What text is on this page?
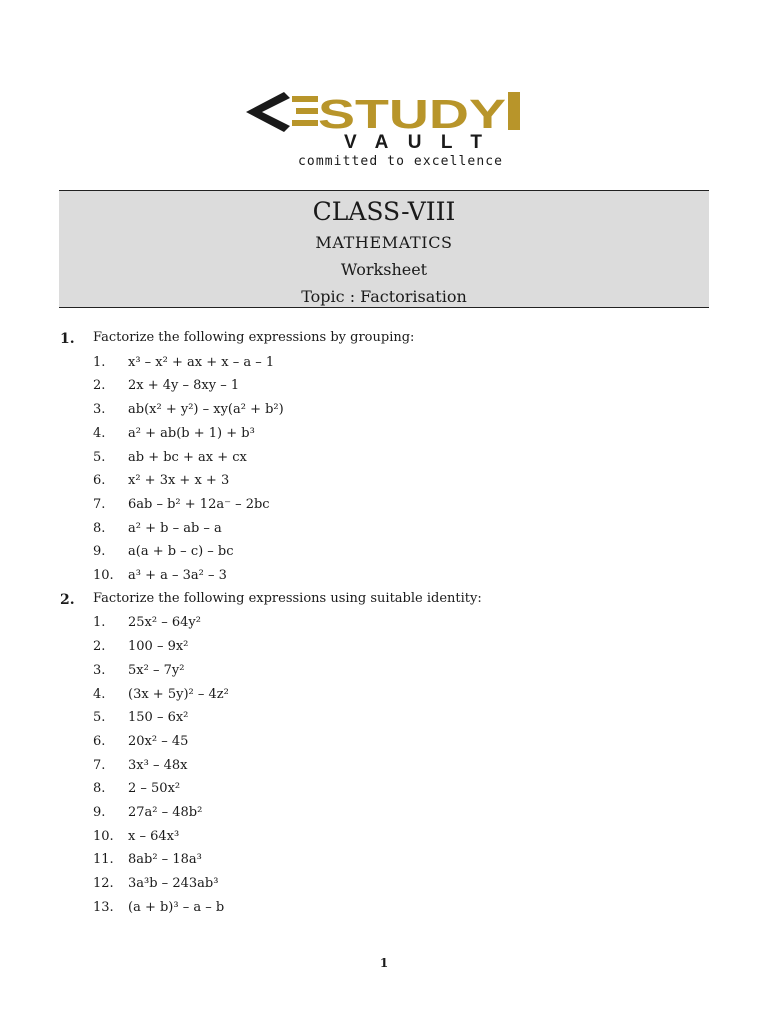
STUDY
VAULT
committed to excellence
CLASS-VIII
MATHEMATICS
Worksheet
Topic : Factorisation
1. Factorize the following expressions by grouping:
1. x³ – x² + ax + x – a – 1
2. 2x + 4y – 8xy – 1
3. ab(x² + y²) – xy(a² + b²)
4. a² + ab(b + 1) + b³
5. ab + bc + ax + cx
6. x² + 3x + x + 3
7. 6ab – b² + 12a⁻ – 2bc
8. a² + b – ab – a
9. a(a + b – c) – bc
10. a³ + a – 3a² – 3
2. Factorize the following expressions using suitable identity:
1. 25x² – 64y²
2. 100 – 9x²
3. 5x² – 7y²
4. (3x + 5y)² – 4z²
5. 150 – 6x²
6. 20x² – 45
7. 3x³ – 48x
8. 2 – 50x²
9. 27a² – 48b²
10. x – 64x³
11. 8ab² – 18a³
12. 3a³b – 243ab³
13. (a + b)³ – a – b
1
